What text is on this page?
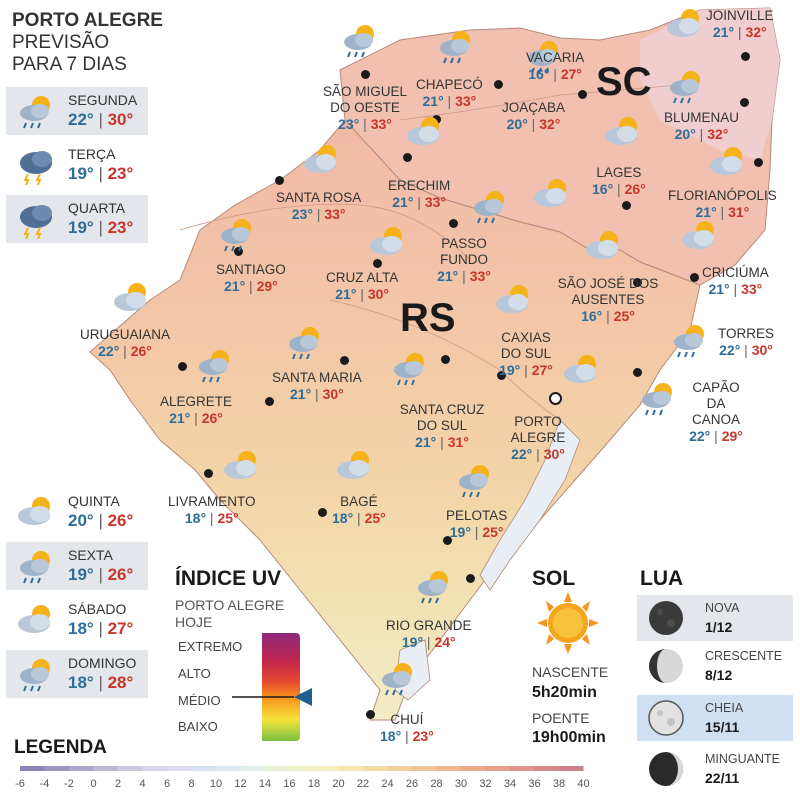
PORTO ALEGRE
PREVISÃO
PARA 7 DIAS
SEGUNDA
22° | 30°
TERÇA
19° | 23°
QUARTA
19° | 23°
QUINTA
20° | 26°
SEXTA
19° | 26°
SÁBADO
18° | 27°
DOMINGO
18° | 28°
SC
RS
JOINVILLE
21° | 32°
SÃO MIGUEL DO OESTE
23° | 33°
CHAPECÓ
21° | 33°	JOAÇABA
20° | 32°
VACARIA
16° | 27°
BLUMENAU
20° | 32°
LAGES
16° | 26° FLORIANÓPOLIS
21° | 31°
SANTA ROSA
23° | 33°
ERECHIM
21° | 33°
PASSO FUNDO
21° | 33°	CRICIÚMA
21° | 33°
SANTIAGO
21° | 29°
CRUZ ALTA
21° | 30°
SÃO JOSÉ DOS AUSENTES
16° | 25°
URUGUAIANA
22° | 26°
TORRES
22° | 30°
CAXIAS DO SUL
19° | 27°
SANTA MARIA
21° | 30°
ALEGRETE
21° | 26°
CAPÃO DA CANOA
22° | 29°
SANTA CRUZ DO SUL
21° | 31°
PORTO ALEGRE
22° | 30°
LIVRAMENTO
18° | 25°
BAGÉ
18° | 25°	PELOTAS
19° | 25°
RIO GRANDE
19° | 24°
CHUÍ
18° | 23°
ÍNDICE UV
PORTO ALEGRE
HOJE
EXTREMO
ALTO
MÉDIO
BAIXO
SOL
NASCENTE
5h20min
POENTE
19h00min
LUA
NOVA
1/12
CRESCENTE
8/12
CHEIA
15/11
MINGUANTE
22/11
LEGENDA
-6	-4	-2	0	2	4	6	8	10	12	14	16	18	20	22	24	26	28	30	32	34	36	38	40
